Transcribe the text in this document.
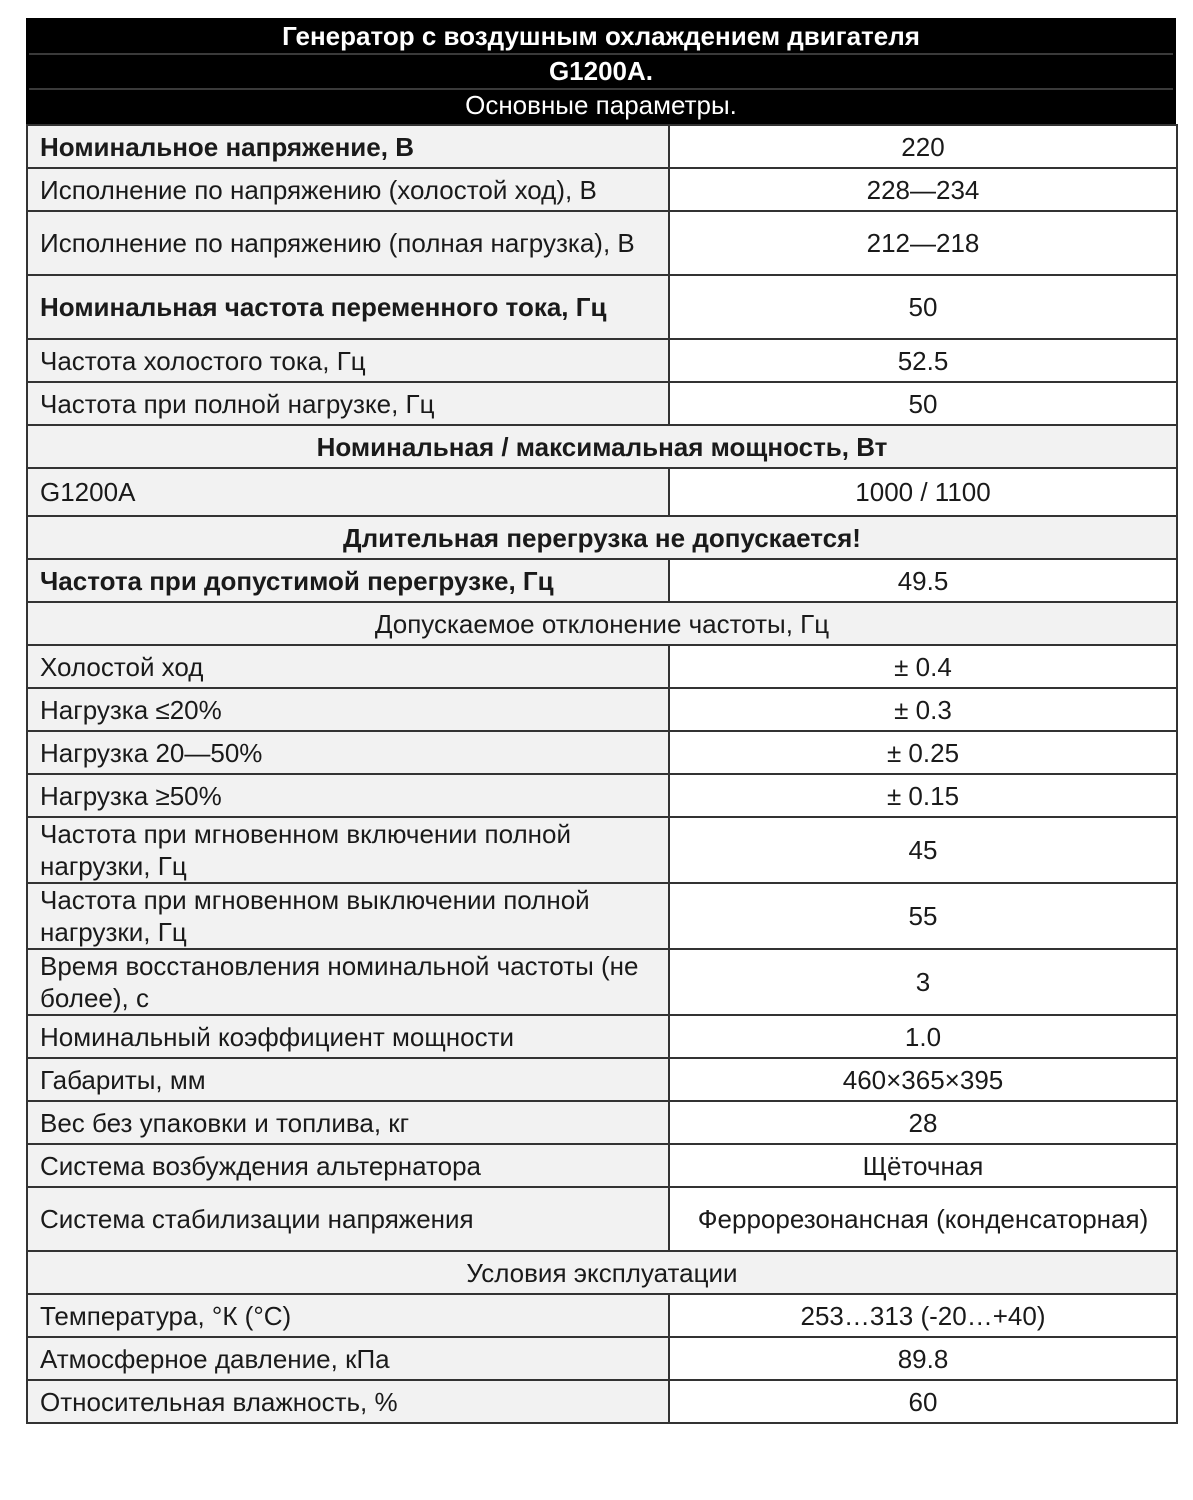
Генератор с воздушным охлаждением двигателя
G1200A.
Основные параметры.
Номинальное напряжение, В	220
Исполнение по напряжению (холостой ход), В	228—234
Исполнение по напряжению (полная нагрузка), В	212—218
Номинальная частота переменного тока, Гц	50
Частота холостого тока, Гц	52.5
Частота при полной нагрузке, Гц	50
Номинальная / максимальная мощность, Вт	
G1200A	1000 / 1100
Длительная перегрузка не допускается!	
Частота при допустимой перегрузке, Гц	49.5
Допускаемое отклонение частоты, Гц	
Холостой ход	± 0.4
Нагрузка ≤20%	± 0.3
Нагрузка 20—50%	± 0.25
Нагрузка ≥50%	± 0.15
Частота при мгновенном включении полной нагрузки, Гц	45
Частота при мгновенном выключении полной нагрузки, Гц	55
Время восстановления номинальной частоты (не более), с	3
Номинальный коэффициент мощности	1.0
Габариты, мм	460×365×395
Вес без упаковки и топлива, кг	28
Система возбуждения альтернатора	Щёточная
Система стабилизации напряжения	Феррорезонансная (конденсаторная)
Условия эксплуатации	
Температура, °К (°С)	253…313 (-20…+40)
Атмосферное давление, кПа	89.8
Относительная влажность, %	60
